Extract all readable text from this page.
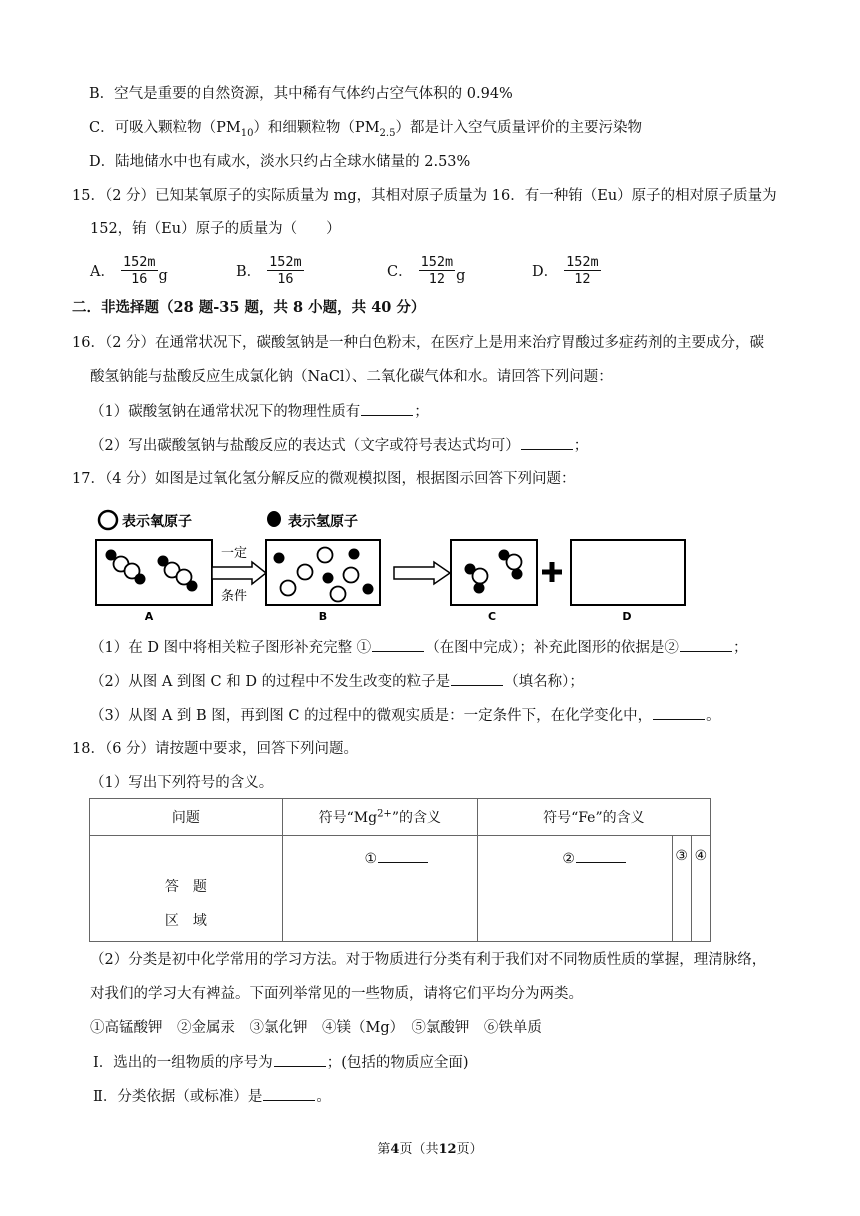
B．空气是重要的自然资源，其中稀有气体约占空气体积的 0.94%
C．可吸入颗粒物$(PM_{10})$和细颗粒物$(PM_{2.5})$都是计入空气质量评价的主要污染物
D．陆地储水中也有咸水，淡水只约占全球水储量的 2.53%
15．（2 分）已知某氧原子的实际质量为 mg，其相对原子质量为 16．有一种铕（Eu）原子的相对原子质量为
152，铕（Eu）原子的质量为（　　）
A． $\frac{152m}{16}$ g	B． $\frac{152m}{16}$	C． $\frac{152m}{12}$ g	D． $\frac{152m}{12}$
二．非选择题（28 题-35 题，共 8 小题，共 40 分）
16．（2 分）在通常状况下，碳酸氢钠是一种白色粉末，在医疗上是用来治疗胃酸过多症药剂的主要成分，碳
酸氢钠能与盐酸反应生成氯化钠（NaCl）、二氧化碳气体和水。请回答下列问题：
（1）碳酸氢钠在通常状况下的物理性质有	；
（2）写出碳酸氢钠与盐酸反应的表达式（文字或符号表达式均可）	；
17．（4 分）如图是过氧化氢分解反应的微观模拟图，根据图示回答下列问题：
表示氧原子	表示氢原子
A
一定
条件
B	C	D
（1）在 D 图中将相关粒子图形补充完整 ①	（在图中完成）；补充此图形的依据是②	；
（2）从图 A 到图 C 和 D 的过程中不发生改变的粒子是	（填名称）；
（3）从图 A 到 B 图，再到图 C 的过程中的微观实质是：一定条件下，在化学变化中，	。
18．（6 分）请按题中要求，回答下列问题。
（1）写出下列符号的含义。
问题	符号“$Mg^{2+}$”的含义	符号“Fe”的含义		

答　题
区　域	①	②	③	④
（2）分类是初中化学常用的学习方法。对于物质进行分类有利于我们对不同物质性质的掌握，理清脉络，
对我们的学习大有裨益。下面列举常见的一些物质，请将它们平均分为两类。
①高锰酸钾　②金属汞　③氯化钾　④镁（Mg）　⑤氯酸钾　⑥铁单质
Ⅰ．选出的一组物质的序号为	；(包括的物质应全面)
Ⅱ．分类依据（或标准）是	。
第4页（共12页）
